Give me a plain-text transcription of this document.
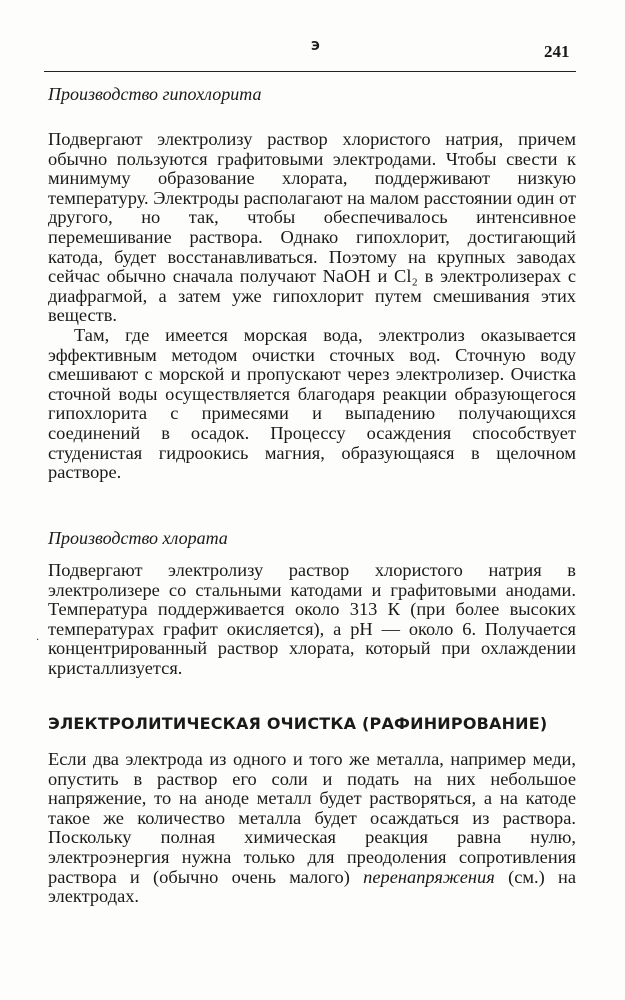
Э	241
Производство гипохлорита

Подвергают электролизу раствор хлористого натрия, причем обычно пользуются графитовыми электродами. Чтобы свести к минимуму образование хлората, поддерживают низкую температуру. Электроды располагают на малом расстоянии один от другого, но так, чтобы обеспечивалось интенсивное перемешивание раствора. Однако гипохлорит, достигающий катода, будет восстанавливаться. Поэтому на крупных заводах сейчас обычно сначала получают NaOH и Cl₂ в электролизерах с диафрагмой, а затем уже гипохлорит путем смешивания этих веществ.

Там, где имеется морская вода, электролиз оказывается эффективным методом очистки сточных вод. Сточную воду смешивают с морской и пропускают через электролизер. Очистка сточной воды осуществляется благодаря реакции образующегося гипохлорита с примесями и выпадению получающихся соединений в осадок. Процессу осаждения способствует студенистая гидроокись магния, образующаяся в щелочном растворе.

Производство хлората

Подвергают электролизу раствор хлористого натрия в электролизере со стальными катодами и графитовыми анодами. Температура поддерживается около 313 К (при более высоких температурах графит окисляется), а pH — около 6. Получается концентрированный раствор хлората, который при охлаждении кристаллизуется.

.
ЭЛЕКТРОЛИТИЧЕСКАЯ ОЧИСТКА (РАФИНИРОВАНИЕ)

Если два электрода из одного и того же металла, например меди, опустить в раствор его соли и подать на них небольшое напряжение, то на аноде металл будет растворяться, а на катоде такое же количество металла будет осаждаться из раствора. Поскольку полная химическая реакция равна нулю, электроэнергия нужна только для преодоления сопротивления раствора и (обычно очень малого) перенапряжения (см.) на электродах.
